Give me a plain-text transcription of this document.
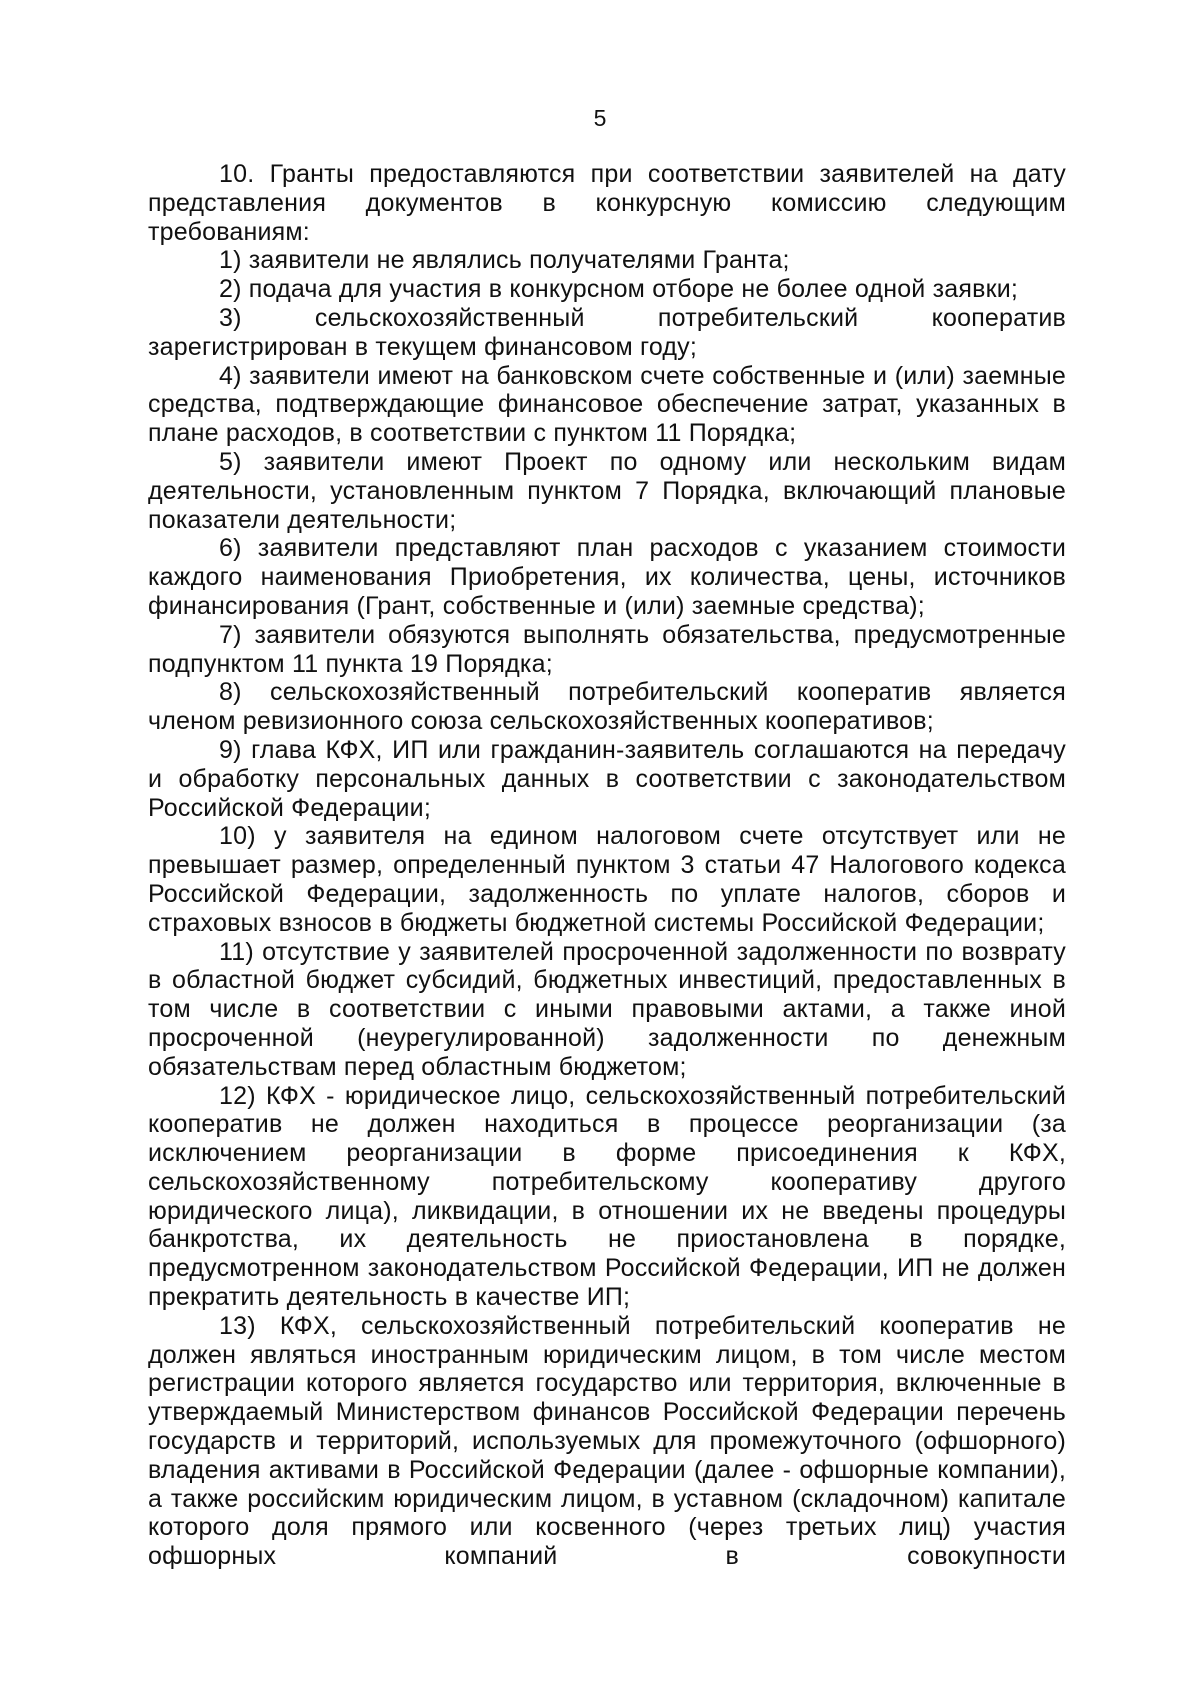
5

10. Гранты предоставляются при соответствии заявителей на дату представления документов в конкурсную комиссию следующим требованиям:

1) заявители не являлись получателями Гранта;

2) подача для участия в конкурсном отборе не более одной заявки;

3) сельскохозяйственный потребительский кооператив зарегистрирован в текущем финансовом году;

4) заявители имеют на банковском счете собственные и (или) заемные средства, подтверждающие финансовое обеспечение затрат, указанных в плане расходов, в соответствии с пунктом 11 Порядка;

5) заявители имеют Проект по одному или нескольким видам деятельности, установленным пунктом 7 Порядка, включающий плановые показатели деятельности;

6) заявители представляют план расходов с указанием стоимости каждого наименования Приобретения, их количества, цены, источников финансирования (Грант, собственные и (или) заемные средства);

7) заявители обязуются выполнять обязательства, предусмотренные подпунктом 11 пункта 19 Порядка;

8) сельскохозяйственный потребительский кооператив является членом ревизионного союза сельскохозяйственных кооперативов;

9) глава КФХ, ИП или гражданин-заявитель соглашаются на передачу и обработку персональных данных в соответствии с законодательством Российской Федерации;

10) у заявителя на едином налоговом счете отсутствует или не превышает размер, определенный пунктом 3 статьи 47 Налогового кодекса Российской Федерации, задолженность по уплате налогов, сборов и страховых взносов в бюджеты бюджетной системы Российской Федерации;

11) отсутствие у заявителей просроченной задолженности по возврату в областной бюджет субсидий, бюджетных инвестиций, предоставленных в том числе в соответствии с иными правовыми актами, а также иной просроченной (неурегулированной) задолженности по денежным обязательствам перед областным бюджетом;

12) КФХ - юридическое лицо, сельскохозяйственный потребительский кооператив не должен находиться в процессе реорганизации (за исключением реорганизации в форме присоединения к КФХ, сельскохозяйственному потребительскому кооперативу другого юридического лица), ликвидации, в отношении их не введены процедуры банкротства, их деятельность не приостановлена в порядке, предусмотренном законодательством Российской Федерации, ИП не должен прекратить деятельность в качестве ИП;

13) КФХ, сельскохозяйственный потребительский кооператив не должен являться иностранным юридическим лицом, в том числе местом регистрации которого является государство или территория, включенные в утверждаемый Министерством финансов Российской Федерации перечень государств и территорий, используемых для промежуточного (офшорного) владения активами в Российской Федерации (далее - офшорные компании), а также российским юридическим лицом, в уставном (складочном) капитале которого доля прямого или косвенного (через третьих лиц) участия офшорных компаний в совокупности
